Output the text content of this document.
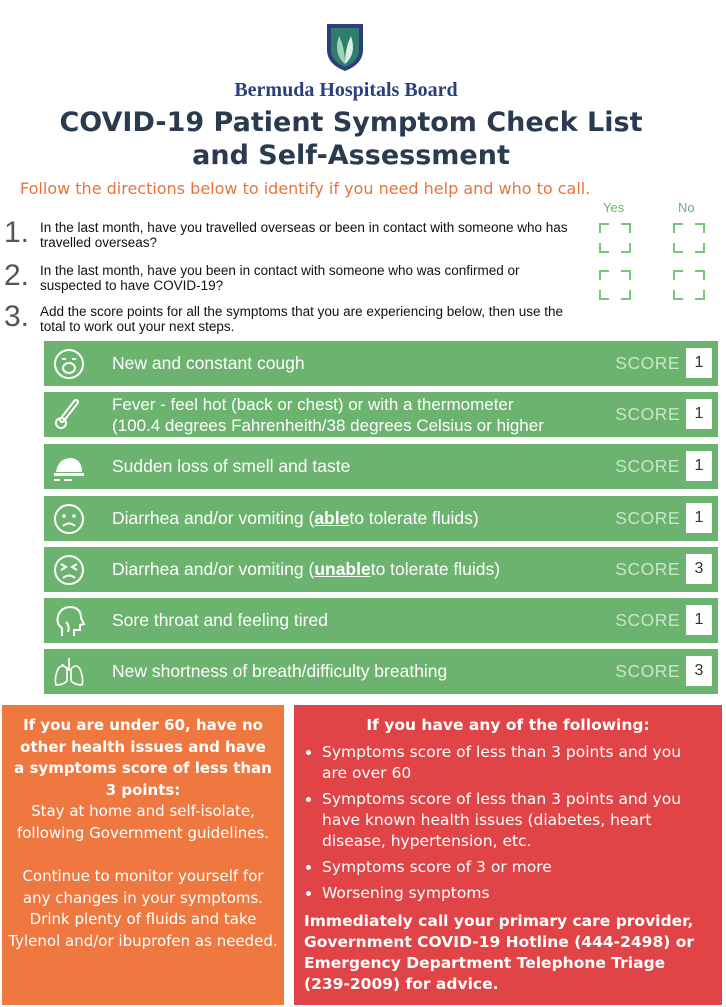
Bermuda Hospitals Board
COVID-19 Patient Symptom Check List
and Self-Assessment
Follow the directions below to identify if you need help and who to call.
Yes	No
1. In the last month, have you travelled overseas or been in contact with someone who has travelled overseas?
2. In the last month, have you been in contact with someone who was confirmed or suspected to have COVID-19?
3. Add the score points for all the symptoms that you are experiencing below, then use the total to work out your next steps.
New and constant cough	SCORE 1
Fever - feel hot (back or chest) or with a thermometer
(100.4 degrees Fahrenheith/38 degrees Celsius or higher
SCORE 1
Sudden loss of smell and taste	SCORE 1
Diarrhea and/or vomiting ( able to tolerate fluids)	SCORE 1
Diarrhea and/or vomiting ( unable to tolerate fluids)	SCORE 3
Sore throat and feeling tired	SCORE 1
New shortness of breath/difficulty breathing	SCORE 3
If you are under 60, have no other health issues and have a symptoms score of less than 3 points:
Stay at home and self-isolate, following Government guidelines.
Continue to monitor yourself for any changes in your symptoms. Drink plenty of fluids and take Tylenol and/or ibuprofen as needed.
If you have any of the following:
• Symptoms score of less than 3 points and you are over 60
• Symptoms score of less than 3 points and you have known health issues (diabetes, heart disease, hypertension, etc.
• Symptoms score of 3 or more
• Worsening symptoms
Immediately call your primary care provider, Government COVID-19 Hotline (444-2498) or Emergency Department Telephone Triage (239-2009) for advice.
